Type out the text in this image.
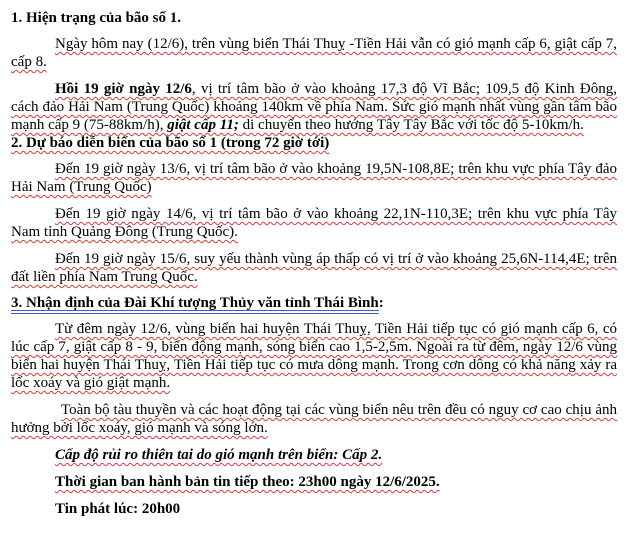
1. Hiện trạng của bão số 1.

Ngày hôm nay (12/6), trên vùng biển Thái Thuỵ -Tiền Hải vẫn có gió mạnh cấp 6, giật cấp 7, cấp 8.

Hồi 19 giờ ngày 12/6, vị trí tâm bão ở vào khoảng 17,3 độ Vĩ Bắc; 109,5 độ Kinh Đông, cách đảo Hải Nam (Trung Quốc) khoảng 140km về phía Nam. Sức gió mạnh nhất vùng gần tâm bão mạnh cấp 9 (75-88km/h), giật cấp 11; di chuyển theo hướng Tây Tây Bắc với tốc độ 5-10km/h.

2. Dự báo diễn biến của bão số 1 (trong 72 giờ tới)

Đến 19 giờ ngày 13/6, vị trí tâm bão ở vào khoảng 19,5N-108,8E; trên khu vực phía Tây đảo Hải Nam (Trung Quốc)

Đến 19 giờ ngày 14/6, vị trí tâm bão ở vào khoảng 22,1N-110,3E; trên khu vực phía Tây Nam tỉnh Quảng Đông (Trung Quốc).

Đến 19 giờ ngày 15/6, suy yếu thành vùng áp thấp có vị trí ở vào khoảng 25,6N-114,4E; trên đất liền phía Nam Trung Quốc.

3. Nhận định của Đài Khí tượng Thủy văn tỉnh Thái Bình:

Từ đêm ngày 12/6, vùng biển hai huyện Thái Thuỵ, Tiền Hải tiếp tục có gió mạnh cấp 6, có lúc cấp 7, giật cấp 8 - 9, biển động mạnh, sóng biển cao 1,5-2,5m. Ngoài ra từ đêm, ngày 12/6 vùng biển hai huyện Thái Thuỵ, Tiền Hải tiếp tục có mưa dông mạnh. Trong cơn dông có khả năng xảy ra lốc xoáy và gió giật mạnh.

Toàn bộ tàu thuyền và các hoạt động tại các vùng biển nêu trên đều có nguy cơ cao chịu ảnh hưởng bởi lốc xoáy, gió mạnh và sóng lớn.

Cấp độ rủi ro thiên tai do gió mạnh trên biển: Cấp 2.

Thời gian ban hành bản tin tiếp theo: 23h00 ngày 12/6/2025.

Tin phát lúc: 20h00
